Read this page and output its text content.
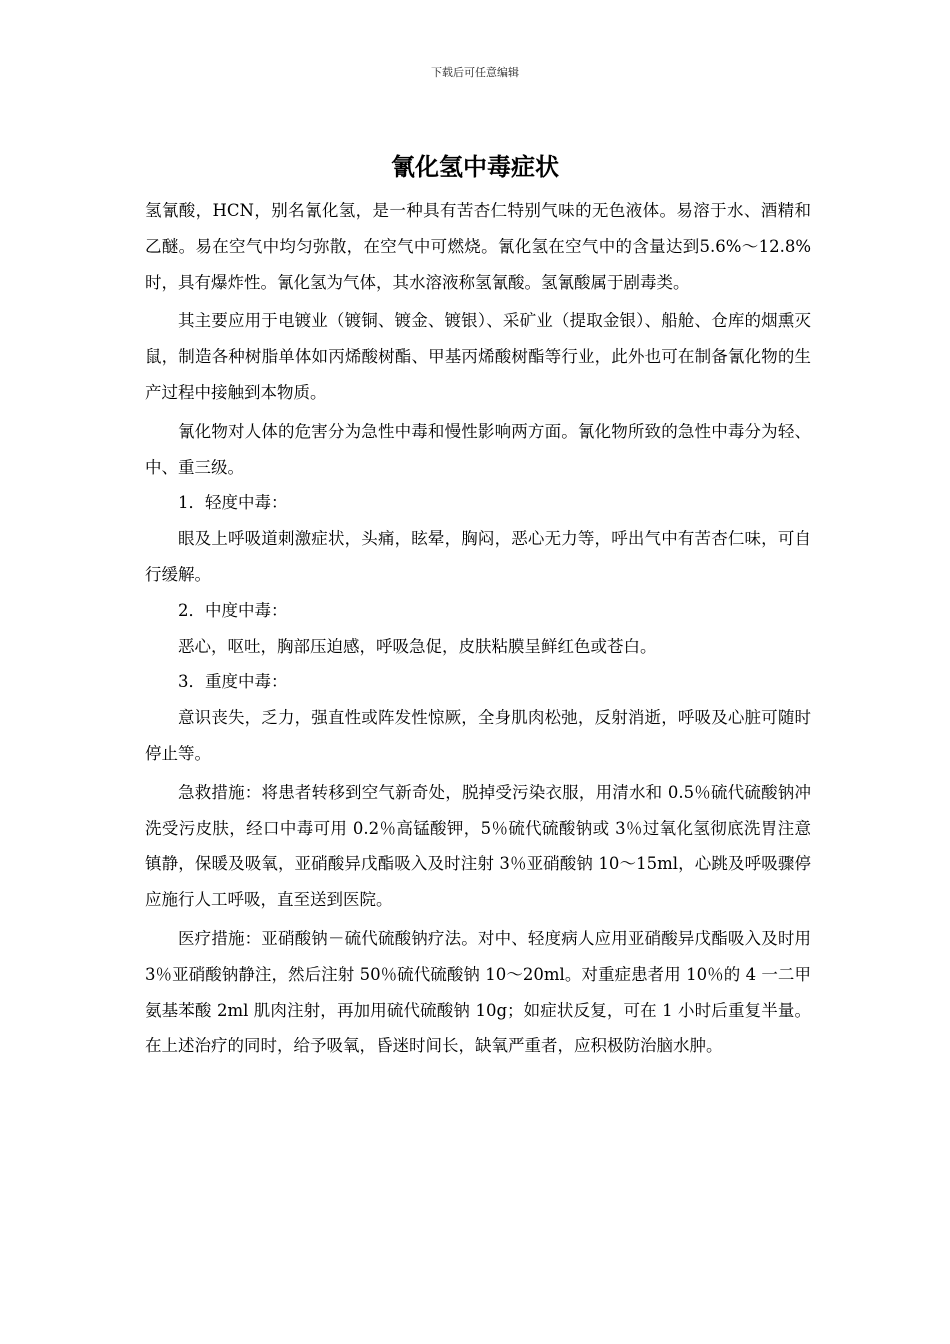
下载后可任意编辑
氰化氢中毒症状

氢氰酸，HCN，别名氰化氢，是一种具有苦杏仁特别气味的无色液体。易溶于水、酒精和乙醚。易在空气中均匀弥散，在空气中可燃烧。氰化氢在空气中的含量达到5.6%～12.8%时，具有爆炸性。氰化氢为气体，其水溶液称氢氰酸。氢氰酸属于剧毒类。

其主要应用于电镀业（镀铜、镀金、镀银）、采矿业（提取金银）、船舱、仓库的烟熏灭鼠，制造各种树脂单体如丙烯酸树酯、甲基丙烯酸树酯等行业，此外也可在制备氰化物的生产过程中接触到本物质。

氰化物对人体的危害分为急性中毒和慢性影响两方面。氰化物所致的急性中毒分为轻、中、重三级。

1．轻度中毒：

眼及上呼吸道刺激症状，头痛，眩晕，胸闷，恶心无力等，呼出气中有苦杏仁味，可自行缓解。

2．中度中毒：

恶心，呕吐，胸部压迫感，呼吸急促，皮肤粘膜呈鲜红色或苍白。

3．重度中毒：

意识丧失，乏力，强直性或阵发性惊厥，全身肌肉松弛，反射消逝，呼吸及心脏可随时停止等。

急救措施：将患者转移到空气新奇处，脱掉受污染衣服，用清水和 0.5％硫代硫酸钠冲洗受污皮肤，经口中毒可用 0.2％高锰酸钾，5％硫代硫酸钠或 3％过氧化氢彻底洗胃注意镇静，保暖及吸氧，亚硝酸异戊酯吸入及时注射 3％亚硝酸钠 10～15ml，心跳及呼吸骤停应施行人工呼吸，直至送到医院。

医疗措施：亚硝酸钠－硫代硫酸钠疗法。对中、轻度病人应用亚硝酸异戊酯吸入及时用 3％亚硝酸钠静注，然后注射 50％硫代硫酸钠 10～20ml。对重症患者用 10％的 4 一二甲氨基苯酸 2ml 肌肉注射，再加用硫代硫酸钠 10g；如症状反复，可在 1 小时后重复半量。在上述治疗的同时，给予吸氧，昏迷时间长，缺氧严重者，应积极防治脑水肿。
